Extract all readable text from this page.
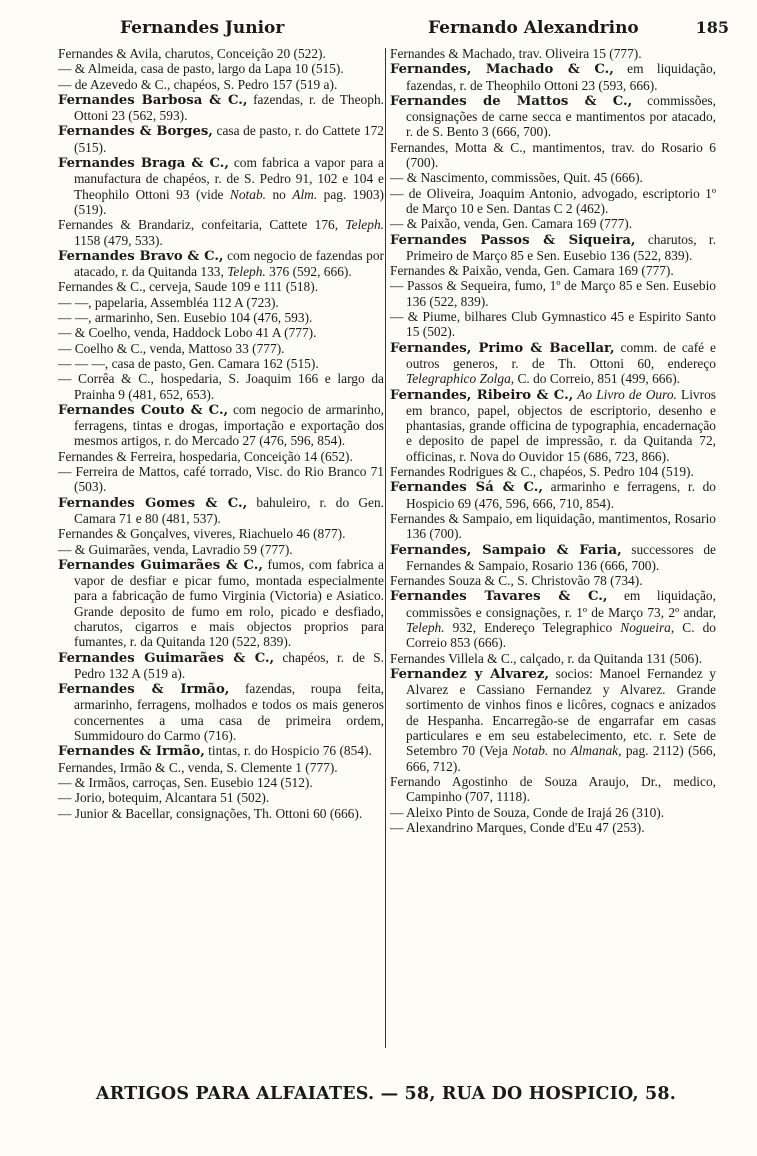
Fernandes Junior	Fernando Alexandrino	185

Fernandes & Avila, charutos, Conceição 20 (522).

— & Almeida, casa de pasto, largo da Lapa 10 (515).

— de Azevedo & C., chapéos, S. Pedro 157 (519 a).

Fernandes Barbosa & C., fazendas, r. de Theoph. Ottoni 23 (562, 593).

Fernandes & Borges, casa de pasto, r. do Cattete 172 (515).

Fernandes Braga & C., com fabrica a vapor para a manufactura de chapéos, r. de S. Pedro 91, 102 e 104 e Theophilo Ottoni 93 (vide Notab. no Alm. pag. 1903) (519).

Fernandes & Brandariz, confeitaria, Cattete 176, Teleph. 1158 (479, 533).

Fernandes Bravo & C., com negocio de fazendas por atacado, r. da Quitanda 133, Teleph. 376 (592, 666).

Fernandes & C., cerveja, Saude 109 e 111 (518).

— —, papelaria, Assembléa 112 A (723).

— —, armarinho, Sen. Eusebio 104 (476, 593).

— & Coelho, venda, Haddock Lobo 41 A (777).

— Coelho & C., venda, Mattoso 33 (777).

— — —, casa de pasto, Gen. Camara 162 (515).

— Corrêa & C., hospedaria, S. Joaquim 166 e largo da Prainha 9 (481, 652, 653).

Fernandes Couto & C., com negocio de armarinho, ferragens, tintas e drogas, importação e exportação dos mesmos artigos, r. do Mercado 27 (476, 596, 854).

Fernandes & Ferreira, hospedaria, Conceição 14 (652).

— Ferreira de Mattos, café torrado, Visc. do Rio Branco 71 (503).

Fernandes Gomes & C., bahuleiro, r. do Gen. Camara 71 e 80 (481, 537).

Fernandes & Gonçalves, viveres, Riachuelo 46 (877).

— & Guimarães, venda, Lavradio 59 (777).

Fernandes Guimarães & C., fumos, com fabrica a vapor de desfiar e picar fumo, montada especialmente para a fabricação de fumo Virginia (Victoria) e Asiatico. Grande deposito de fumo em rolo, picado e desfiado, charutos, cigarros e mais objectos proprios para fumantes, r. da Quitanda 120 (522, 839).

Fernandes Guimarães & C., chapéos, r. de S. Pedro 132 A (519 a).

Fernandes & Irmão, fazendas, roupa feita, armarinho, ferragens, molhados e todos os mais generos concernentes a uma casa de primeira ordem, Summidouro do Carmo (716).

Fernandes & Irmão, tintas, r. do Hospicio 76 (854).

Fernandes, Irmão & C., venda, S. Clemente 1 (777).

— & Irmãos, carroças, Sen. Eusebio 124 (512).

— Jorio, botequim, Alcantara 51 (502).

— Junior & Bacellar, consignações, Th. Ottoni 60 (666).

Fernandes & Machado, trav. Oliveira 15 (777).

Fernandes, Machado & C., em liquidação, fazendas, r. de Theophilo Ottoni 23 (593, 666).

Fernandes de Mattos & C., commissões, consignações de carne secca e mantimentos por atacado, r. de S. Bento 3 (666, 700).

Fernandes, Motta & C., mantimentos, trav. do Rosario 6 (700).

— & Nascimento, commissões, Quit. 45 (666).

— de Oliveira, Joaquim Antonio, advogado, escriptorio 1º de Março 10 e Sen. Dantas C 2 (462).

— & Paixão, venda, Gen. Camara 169 (777).

Fernandes Passos & Siqueira, charutos, r. Primeiro de Março 85 e Sen. Eusebio 136 (522, 839).

Fernandes & Paixão, venda, Gen. Camara 169 (777).

— Passos & Sequeira, fumo, 1º de Março 85 e Sen. Eusebio 136 (522, 839).

— & Piume, bilhares Club Gymnastico 45 e Espirito Santo 15 (502).

Fernandes, Primo & Bacellar, comm. de café e outros generos, r. de Th. Ottoni 60, endereço Telegraphico Zolga, C. do Correio, 851 (499, 666).

Fernandes, Ribeiro & C., Ao Livro de Ouro. Livros em branco, papel, objectos de escriptorio, desenho e phantasias, grande officina de typographia, encadernação e deposito de papel de impressão, r. da Quitanda 72, officinas, r. Nova do Ouvidor 15 (686, 723, 866).

Fernandes Rodrigues & C., chapéos, S. Pedro 104 (519).

Fernandes Sá & C., armarinho e ferragens, r. do Hospicio 69 (476, 596, 666, 710, 854).

Fernandes & Sampaio, em liquidação, mantimentos, Rosario 136 (700).

Fernandes, Sampaio & Faria, successores de Fernandes & Sampaio, Rosario 136 (666, 700).

Fernandes Souza & C., S. Christovão 78 (734).

Fernandes Tavares & C., em liquidação, commissões e consignações, r. 1º de Março 73, 2º andar, Teleph. 932, Endereço Telegraphico Nogueira, C. do Correio 853 (666).

Fernandes Villela & C., calçado, r. da Quitanda 131 (506).

Fernandez y Alvarez, socios: Manoel Fernandez y Alvarez e Cassiano Fernandez y Alvarez. Grande sortimento de vinhos finos e licôres, cognacs e anizados de Hespanha. Encarregão-se de engarrafar em casas particulares e em seu estabelecimento, etc. r. Sete de Setembro 70 (Veja Notab. no Almanak, pag. 2112) (566, 666, 712).

Fernando Agostinho de Souza Araujo, Dr., medico, Campinho (707, 1118).

— Aleixo Pinto de Souza, Conde de Irajá 26 (310).

— Alexandrino Marques, Conde d'Eu 47 (253).

ARTIGOS PARA ALFAIATES. — 58, RUA DO HOSPICIO, 58.
